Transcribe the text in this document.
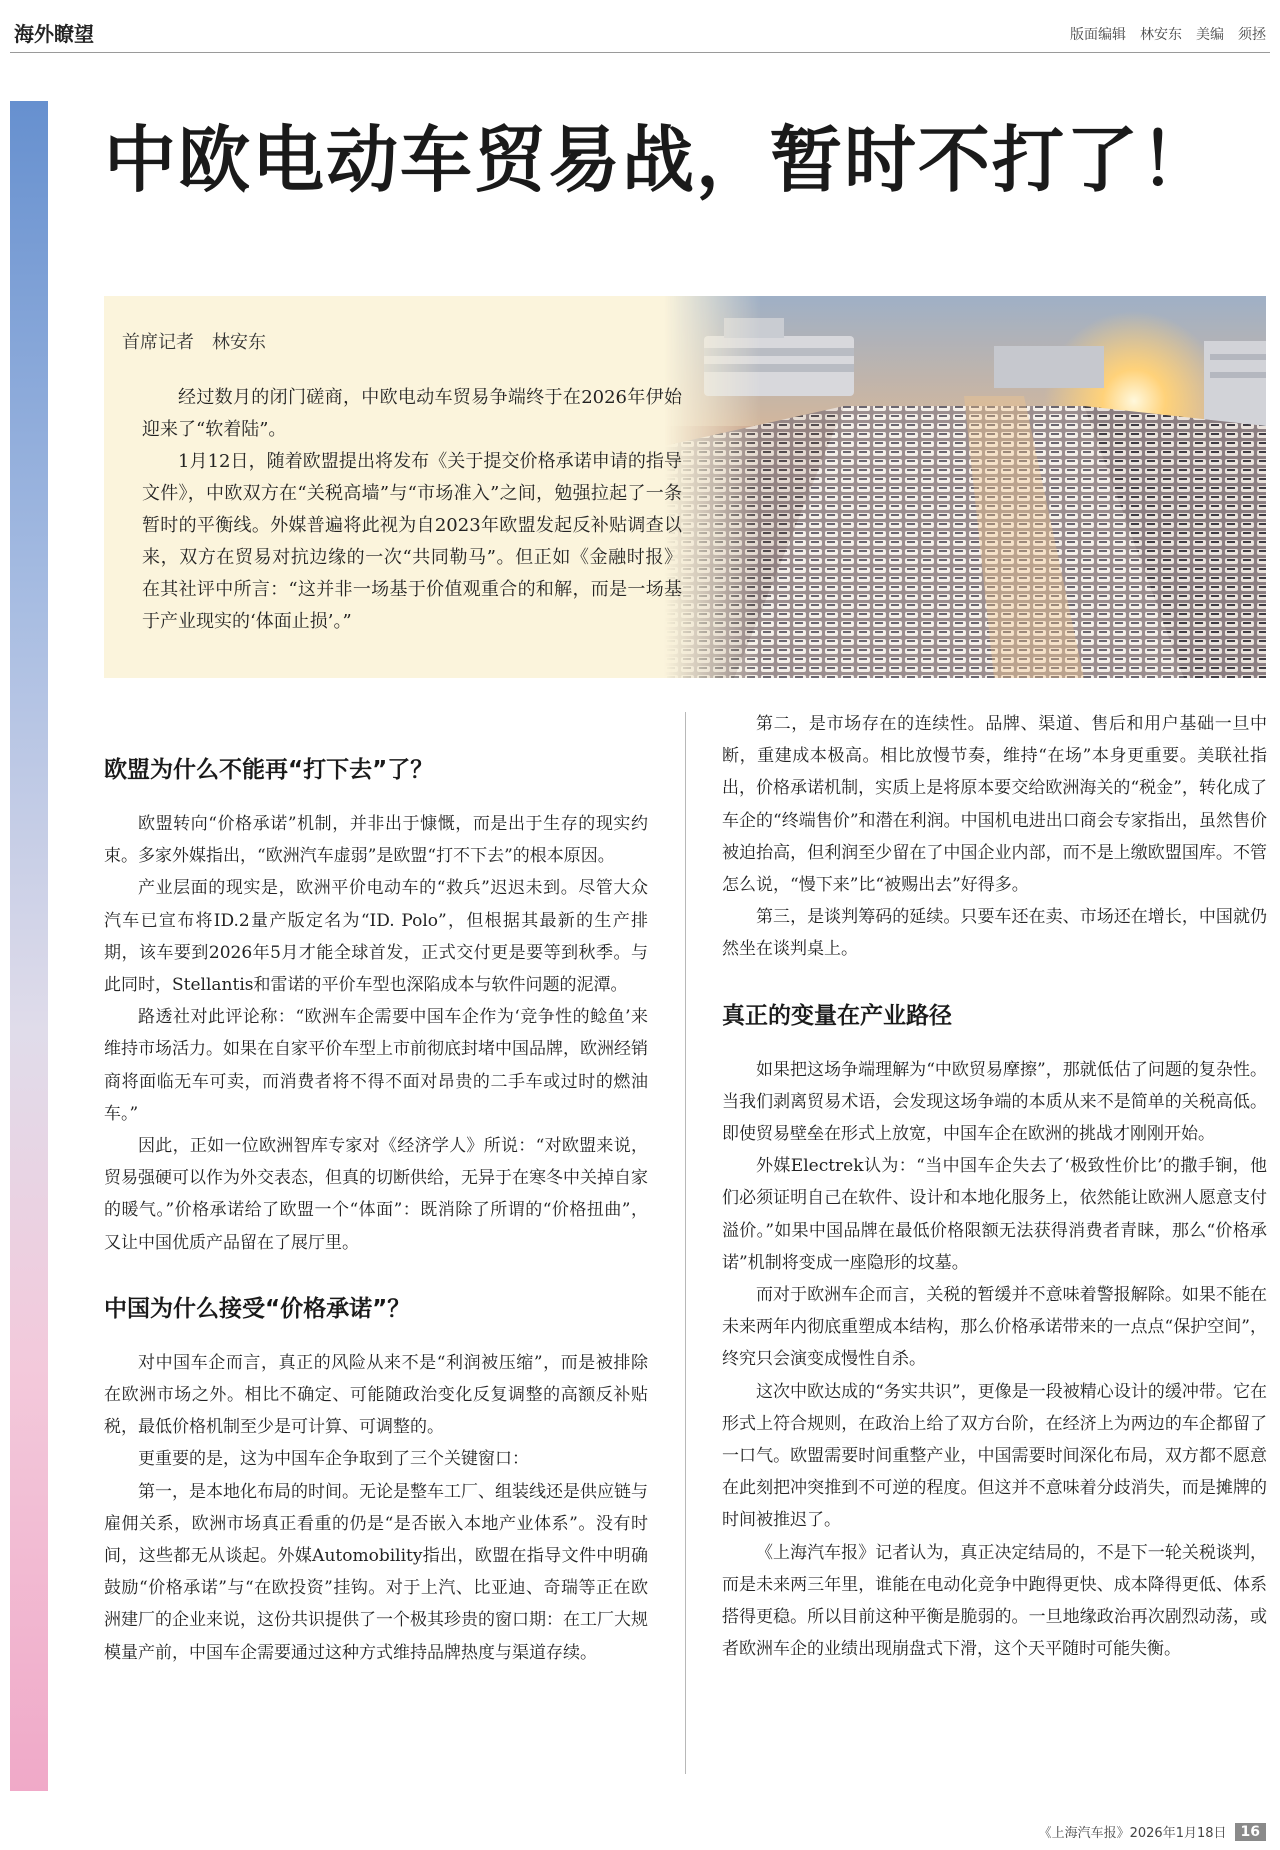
海外瞭望	版面编辑 林安东 美编 须拯
中欧电动车贸易战，暂时不打了！
首席记者　林安东

经过数月的闭门磋商，中欧电动车贸易争端终于在2026年伊始迎来了“软着陆”。

1月12日，随着欧盟提出将发布《关于提交价格承诺申请的指导文件》，中欧双方在“关税高墙”与“市场准入”之间，勉强拉起了一条暂时的平衡线。外媒普遍将此视为自2023年欧盟发起反补贴调查以来，双方在贸易对抗边缘的一次“共同勒马”。但正如《金融时报》在其社评中所言：“这并非一场基于价值观重合的和解，而是一场基于产业现实的‘体面止损’。”

欧盟为什么不能再“打下去”了？

欧盟转向“价格承诺”机制，并非出于慷慨，而是出于生存的现实约束。多家外媒指出，“欧洲汽车虚弱”是欧盟“打不下去”的根本原因。

产业层面的现实是，欧洲平价电动车的“救兵”迟迟未到。尽管大众汽车已宣布将ID.2量产版定名为“ID. Polo”，但根据其最新的生产排期，该车要到2026年5月才能全球首发，正式交付更是要等到秋季。与此同时，Stellantis和雷诺的平价车型也深陷成本与软件问题的泥潭。

路透社对此评论称：“欧洲车企需要中国车企作为‘竞争性的鲶鱼’来维持市场活力。如果在自家平价车型上市前彻底封堵中国品牌，欧洲经销商将面临无车可卖，而消费者将不得不面对昂贵的二手车或过时的燃油车。”

因此，正如一位欧洲智库专家对《经济学人》所说：“对欧盟来说，贸易强硬可以作为外交表态，但真的切断供给，无异于在寒冬中关掉自家的暖气。”价格承诺给了欧盟一个“体面”：既消除了所谓的“价格扭曲”，又让中国优质产品留在了展厅里。

中国为什么接受“价格承诺”？

对中国车企而言，真正的风险从来不是“利润被压缩”，而是被排除在欧洲市场之外。相比不确定、可能随政治变化反复调整的高额反补贴税，最低价格机制至少是可计算、可调整的。

更重要的是，这为中国车企争取到了三个关键窗口：

第一，是本地化布局的时间。无论是整车工厂、组装线还是供应链与雇佣关系，欧洲市场真正看重的仍是“是否嵌入本地产业体系”。没有时间，这些都无从谈起。外媒Automobility指出，欧盟在指导文件中明确鼓励“价格承诺”与“在欧投资”挂钩。对于上汽、比亚迪、奇瑞等正在欧洲建厂的企业来说，这份共识提供了一个极其珍贵的窗口期：在工厂大规模量产前，中国车企需要通过这种方式维持品牌热度与渠道存续。

第二，是市场存在的连续性。品牌、渠道、售后和用户基础一旦中断，重建成本极高。相比放慢节奏，维持“在场”本身更重要。美联社指出，价格承诺机制，实质上是将原本要交给欧洲海关的“税金”，转化成了车企的“终端售价”和潜在利润。中国机电进出口商会专家指出，虽然售价被迫抬高，但利润至少留在了中国企业内部，而不是上缴欧盟国库。不管怎么说，“慢下来”比“被赐出去”好得多。

第三，是谈判筹码的延续。只要车还在卖、市场还在增长，中国就仍然坐在谈判桌上。

真正的变量在产业路径

如果把这场争端理解为“中欧贸易摩擦”，那就低估了问题的复杂性。当我们剥离贸易术语，会发现这场争端的本质从来不是简单的关税高低。即使贸易壁垒在形式上放宽，中国车企在欧洲的挑战才刚刚开始。

外媒Electrek认为：“当中国车企失去了‘极致性价比’的撒手锏，他们必须证明自己在软件、设计和本地化服务上，依然能让欧洲人愿意支付溢价。”如果中国品牌在最低价格限额无法获得消费者青睐，那么“价格承诺”机制将变成一座隐形的坟墓。

而对于欧洲车企而言，关税的暂缓并不意味着警报解除。如果不能在未来两年内彻底重塑成本结构，那么价格承诺带来的一点点“保护空间”，终究只会演变成慢性自杀。

这次中欧达成的“务实共识”，更像是一段被精心设计的缓冲带。它在形式上符合规则，在政治上给了双方台阶，在经济上为两边的车企都留了一口气。欧盟需要时间重整产业，中国需要时间深化布局，双方都不愿意在此刻把冲突推到不可逆的程度。但这并不意味着分歧消失，而是摊牌的时间被推迟了。

《上海汽车报》记者认为，真正决定结局的，不是下一轮关税谈判，而是未来两三年里，谁能在电动化竞争中跑得更快、成本降得更低、体系搭得更稳。所以目前这种平衡是脆弱的。一旦地缘政治再次剧烈动荡，或者欧洲车企的业绩出现崩盘式下滑，这个天平随时可能失衡。

《上海汽车报》2026年1月18日	16
